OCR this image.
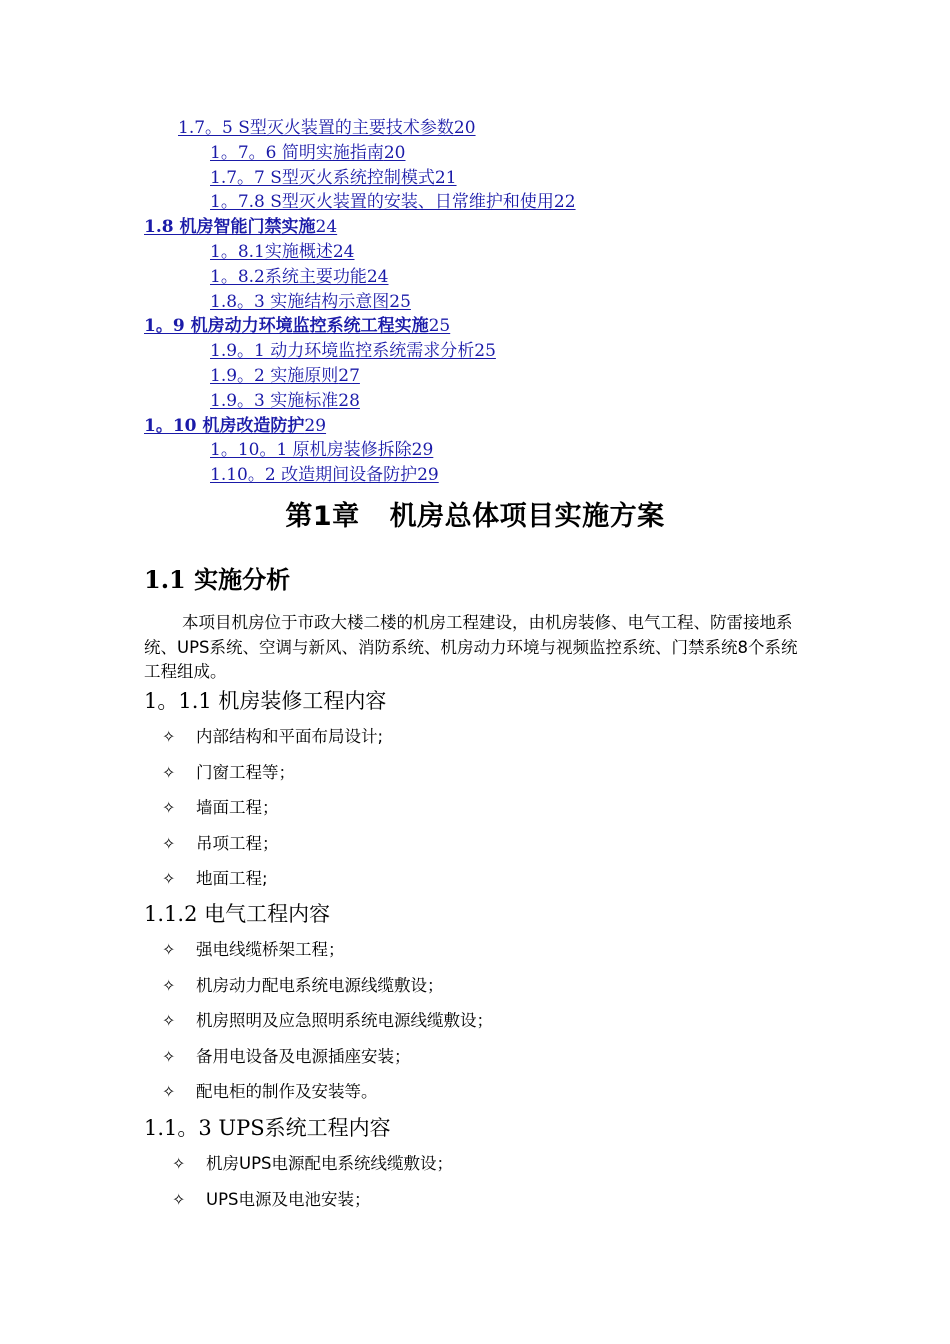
1.7。5 S型灭火装置的主要技术参数20
1。7。6 简明实施指南20
1.7。7 S型灭火系统控制模式21
1。7.8 S型灭火装置的安装、日常维护和使用22
1.8 机房智能门禁实施24
1。8.1实施概述24
1。8.2系统主要功能24
1.8。3 实施结构示意图25
1。9 机房动力环境监控系统工程实施25
1.9。1 动力环境监控系统需求分析25
1.9。2 实施原则27
1.9。3 实施标准28
1。10 机房改造防护29
1。10。1 原机房装修拆除29
1.10。2 改造期间设备防护29
第1章 机房总体项目实施方案
1.1 实施分析
本项目机房位于市政大楼二楼的机房工程建设，由机房装修、电气工程、防雷接地系统、UPS系统、空调与新风、消防系统、机房动力环境与视频监控系统、门禁系统8个系统工程组成。
1。1.1 机房装修工程内容
✧ 内部结构和平面布局设计;
✧ 门窗工程等；
✧ 墙面工程；
✧ 吊项工程；
✧ 地面工程;
1.1.2 电气工程内容
✧ 强电线缆桥架工程；
✧ 机房动力配电系统电源线缆敷设；
✧ 机房照明及应急照明系统电源线缆敷设；
✧ 备用电设备及电源插座安装；
✧ 配电柜的制作及安装等。
1.1。3 UPS系统工程内容
✧ 机房UPS电源配电系统线缆敷设；
✧ UPS电源及电池安装；
